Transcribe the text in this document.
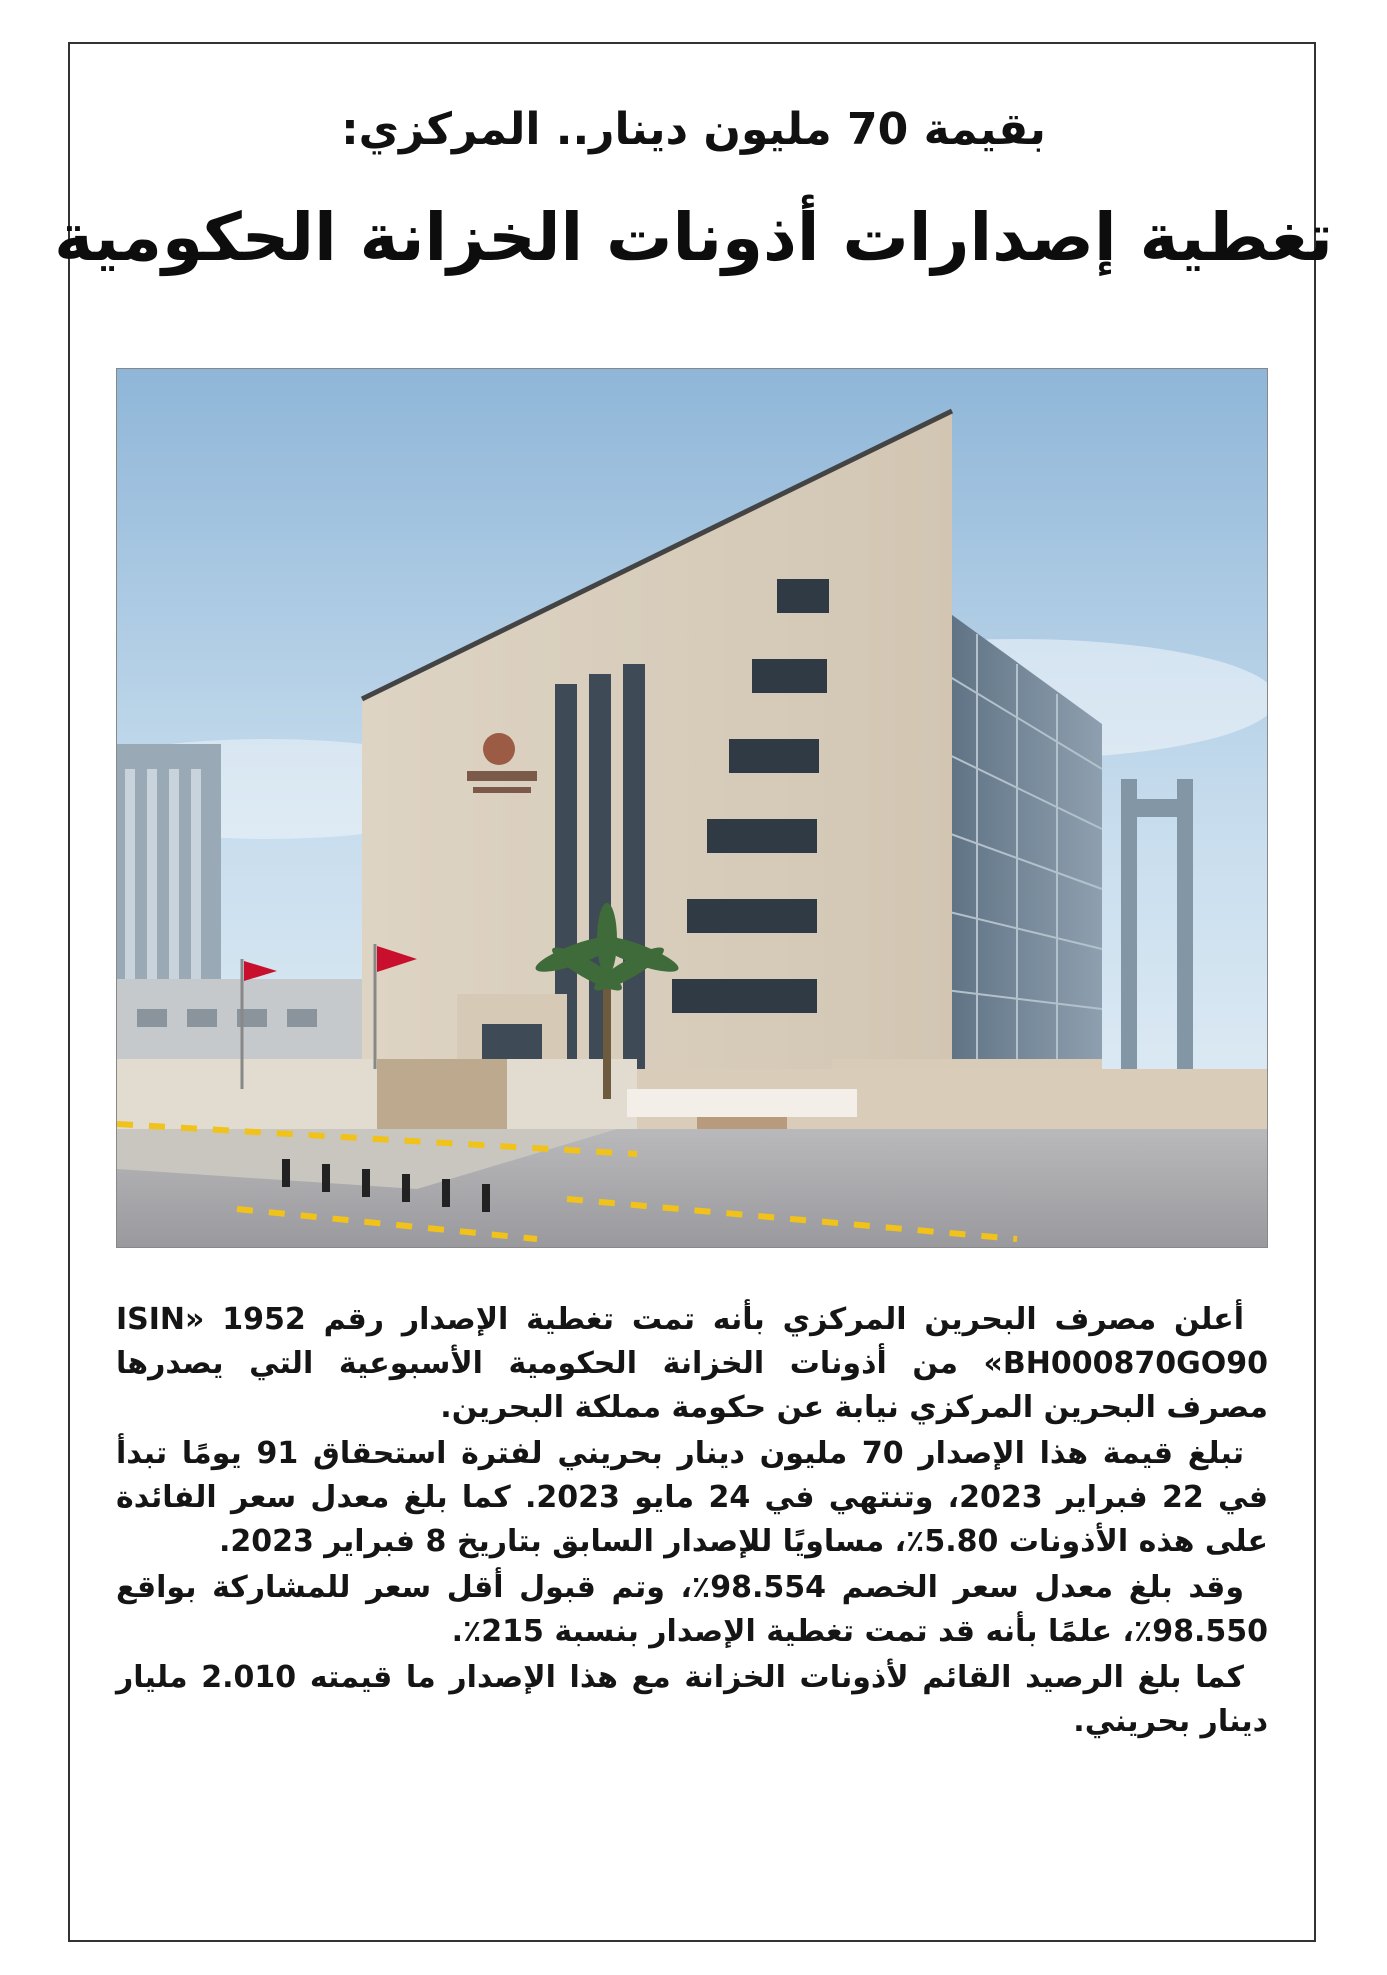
بقيمة 70 مليون دينار.. المركزي:
تغطية إصدارات أذونات الخزانة الحكومية

أعلن مصرف البحرين المركزي بأنه تمت تغطية الإصدار رقم 1952 «ISIN BH000870GO90» من أذونات الخزانة الحكومية الأسبوعية التي يصدرها مصرف البحرين المركزي نيابة عن حكومة مملكة البحرين.

تبلغ قيمة هذا الإصدار 70 مليون دينار بحريني لفترة استحقاق 91 يومًا تبدأ في 22 فبراير 2023، وتنتهي في 24 مايو 2023. كما بلغ معدل سعر الفائدة على هذه الأذونات 5.80٪، مساويًا للإصدار السابق بتاريخ 8 فبراير 2023.

وقد بلغ معدل سعر الخصم 98.554٪، وتم قبول أقل سعر للمشاركة بواقع 98.550٪، علمًا بأنه قد تمت تغطية الإصدار بنسبة 215٪.

كما بلغ الرصيد القائم لأذونات الخزانة مع هذا الإصدار ما قيمته 2.010 مليار دينار بحريني.
